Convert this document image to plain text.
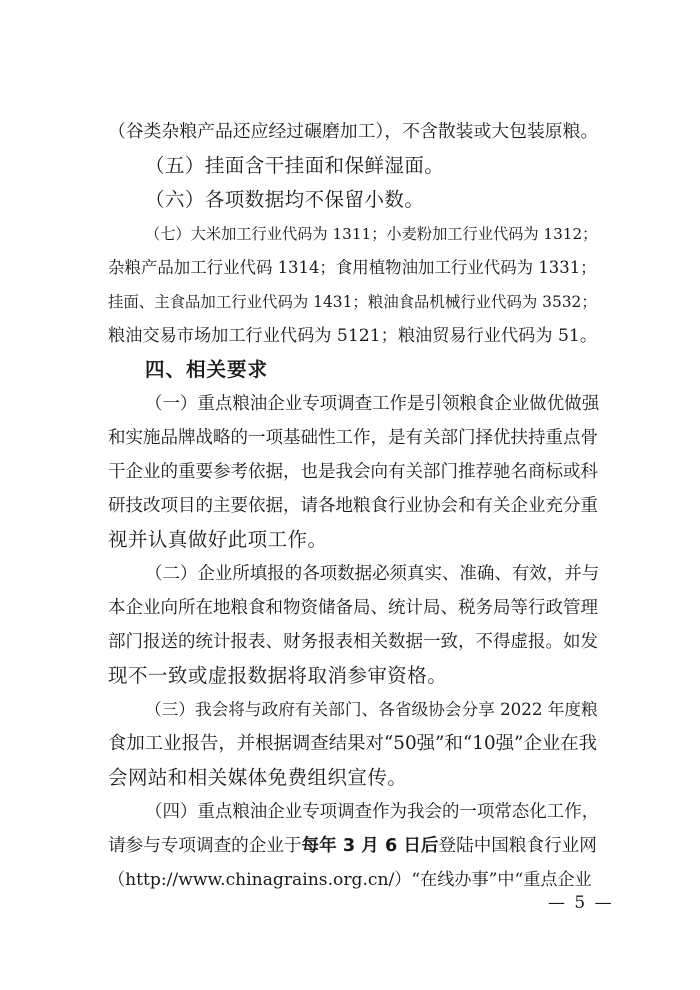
（谷类杂粮产品还应经过碾磨加工），不含散装或大包装原粮。
（五）挂面含干挂面和保鲜湿面。
（六）各项数据均不保留小数。
（七）大米加工行业代码为 1311；小麦粉加工行业代码为 1312；
杂粮产品加工行业代码 1314；食用植物油加工行业代码为 1331；
挂面、主食品加工行业代码为 1431；粮油食品机械行业代码为 3532；
粮油交易市场加工行业代码为 5121；粮油贸易行业代码为 51。
四、相关要求
（一）重点粮油企业专项调查工作是引领粮食企业做优做强
和实施品牌战略的一项基础性工作，是有关部门择优扶持重点骨
干企业的重要参考依据，也是我会向有关部门推荐驰名商标或科
研技改项目的主要依据，请各地粮食行业协会和有关企业充分重
视并认真做好此项工作。
（二）企业所填报的各项数据必须真实、准确、有效，并与
本企业向所在地粮食和物资储备局、统计局、税务局等行政管理
部门报送的统计报表、财务报表相关数据一致，不得虚报。如发
现不一致或虚报数据将取消参审资格。
（三）我会将与政府有关部门、各省级协会分享 2022 年度粮
食加工业报告，并根据调查结果对“50强”和“10强”企业在我
会网站和相关媒体免费组织宣传。
（四）重点粮油企业专项调查作为我会的一项常态化工作，
请参与专项调查的企业于每年 3 月 6 日后登陆中国粮食行业网
（http://www.chinagrains.org.cn/）“在线办事”中“重点企业
— 5 —
